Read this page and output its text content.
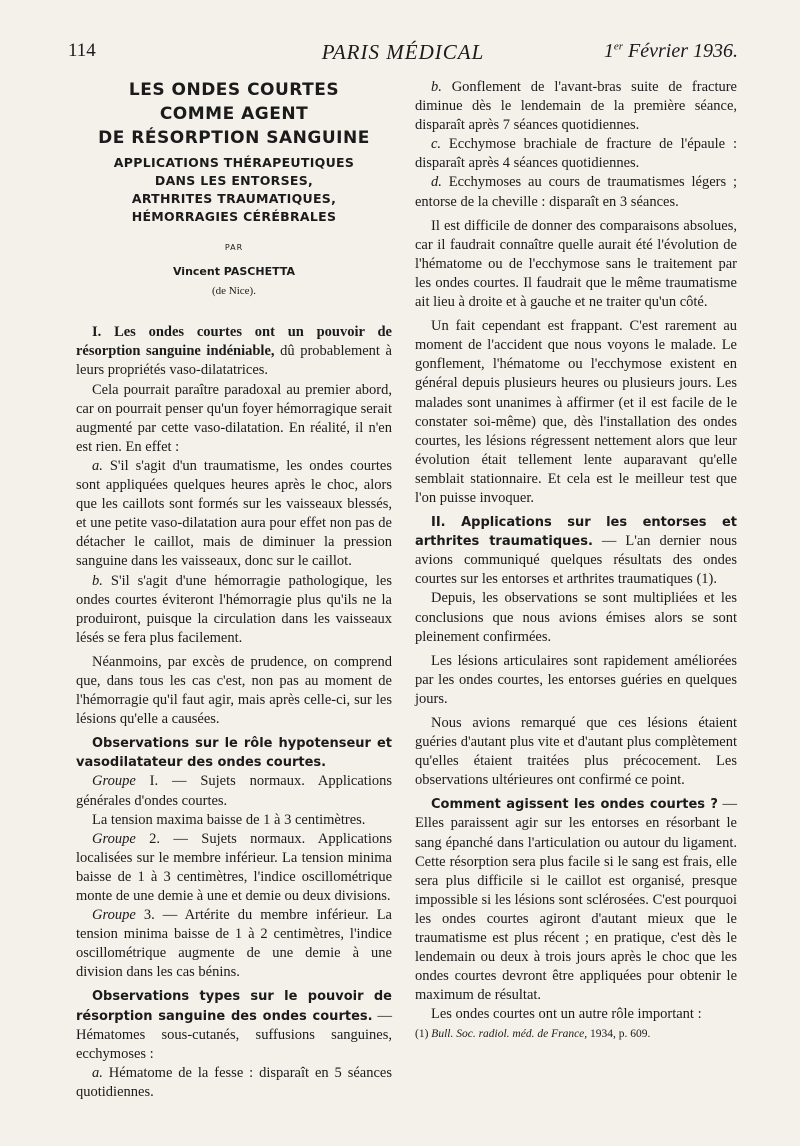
114	PARIS MÉDICAL	1er Février 1936.
LES ONDES COURTES
COMME AGENT
DE RÉSORPTION SANGUINE
APPLICATIONS THÉRAPEUTIQUES
DANS LES ENTORSES,
ARTHRITES TRAUMATIQUES,
HÉMORRAGIES CÉRÉBRALES
PAR
Vincent PASCHETTA
(de Nice).

I. Les ondes courtes ont un pouvoir de résorption sanguine indéniable, dû probablement à leurs propriétés vaso-dilatatrices.

Cela pourrait paraître paradoxal au premier abord, car on pourrait penser qu'un foyer hémorragique serait augmenté par cette vaso-dilatation. En réalité, il n'en est rien. En effet :

a. S'il s'agit d'un traumatisme, les ondes courtes sont appliquées quelques heures après le choc, alors que les caillots sont formés sur les vaisseaux blessés, et une petite vaso-dilatation aura pour effet non pas de détacher le caillot, mais de diminuer la pression sanguine dans les vaisseaux, donc sur le caillot.

b. S'il s'agit d'une hémorragie pathologique, les ondes courtes éviteront l'hémorragie plus qu'ils ne la produiront, puisque la circulation dans les vaisseaux lésés se fera plus facilement.

Néanmoins, par excès de prudence, on comprend que, dans tous les cas c'est, non pas au moment de l'hémorragie qu'il faut agir, mais après celle-ci, sur les lésions qu'elle a causées.

Observations sur le rôle hypotenseur et vasodilatateur des ondes courtes.

Groupe I. — Sujets normaux. Applications générales d'ondes courtes.

La tension maxima baisse de 1 à 3 centimètres.

Groupe 2. — Sujets normaux. Applications localisées sur le membre inférieur. La tension minima baisse de 1 à 3 centimètres, l'indice oscillométrique monte de une demie à une et demie ou deux divisions.

Groupe 3. — Artérite du membre inférieur. La tension minima baisse de 1 à 2 centimètres, l'indice oscillométrique augmente de une demie à une division dans les cas bénins.

Observations types sur le pouvoir de résorption sanguine des ondes courtes. — Hématomes sous-cutanés, suffusions sanguines, ecchymoses :

a. Hématome de la fesse : disparaît en 5 séances quotidiennes.

b. Gonflement de l'avant-bras suite de fracture diminue dès le lendemain de la première séance, disparaît après 7 séances quotidiennes.

c. Ecchymose brachiale de fracture de l'épaule : disparaît après 4 séances quotidiennes.

d. Ecchymoses au cours de traumatismes légers ; entorse de la cheville : disparaît en 3 séances.

Il est difficile de donner des comparaisons absolues, car il faudrait connaître quelle aurait été l'évolution de l'hématome ou de l'ecchymose sans le traitement par les ondes courtes. Il faudrait que le même traumatisme ait lieu à droite et à gauche et ne traiter qu'un côté.

Un fait cependant est frappant. C'est rarement au moment de l'accident que nous voyons le malade. Le gonflement, l'hématome ou l'ecchymose existent en général depuis plusieurs heures ou plusieurs jours. Les malades sont unanimes à affirmer (et il est facile de le constater soi-même) que, dès l'installation des ondes courtes, les lésions régressent nettement alors que leur évolution était tellement lente auparavant qu'elle semblait stationnaire. Et cela est le meilleur test que l'on puisse invoquer.

II. Applications sur les entorses et arthrites traumatiques. — L'an dernier nous avions communiqué quelques résultats des ondes courtes sur les entorses et arthrites traumatiques (1).

Depuis, les observations se sont multipliées et les conclusions que nous avions émises alors se sont pleinement confirmées.

Les lésions articulaires sont rapidement améliorées par les ondes courtes, les entorses guéries en quelques jours.

Nous avions remarqué que ces lésions étaient guéries d'autant plus vite et d'autant plus complètement qu'elles étaient traitées plus précocement. Les observations ultérieures ont confirmé ce point.

Comment agissent les ondes courtes ? — Elles paraissent agir sur les entorses en résorbant le sang épanché dans l'articulation ou autour du ligament. Cette résorption sera plus facile si le sang est frais, elle sera plus difficile si le caillot est organisé, presque impossible si les lésions sont sclérosées. C'est pourquoi les ondes courtes agiront d'autant mieux que le traumatisme est plus récent ; en pratique, c'est dès le lendemain ou deux à trois jours après le choc que les ondes courtes devront être appliquées pour obtenir le maximum de résultat.

Les ondes courtes ont un autre rôle important :

(1) Bull. Soc. radiol. méd. de France, 1934, p. 609.
